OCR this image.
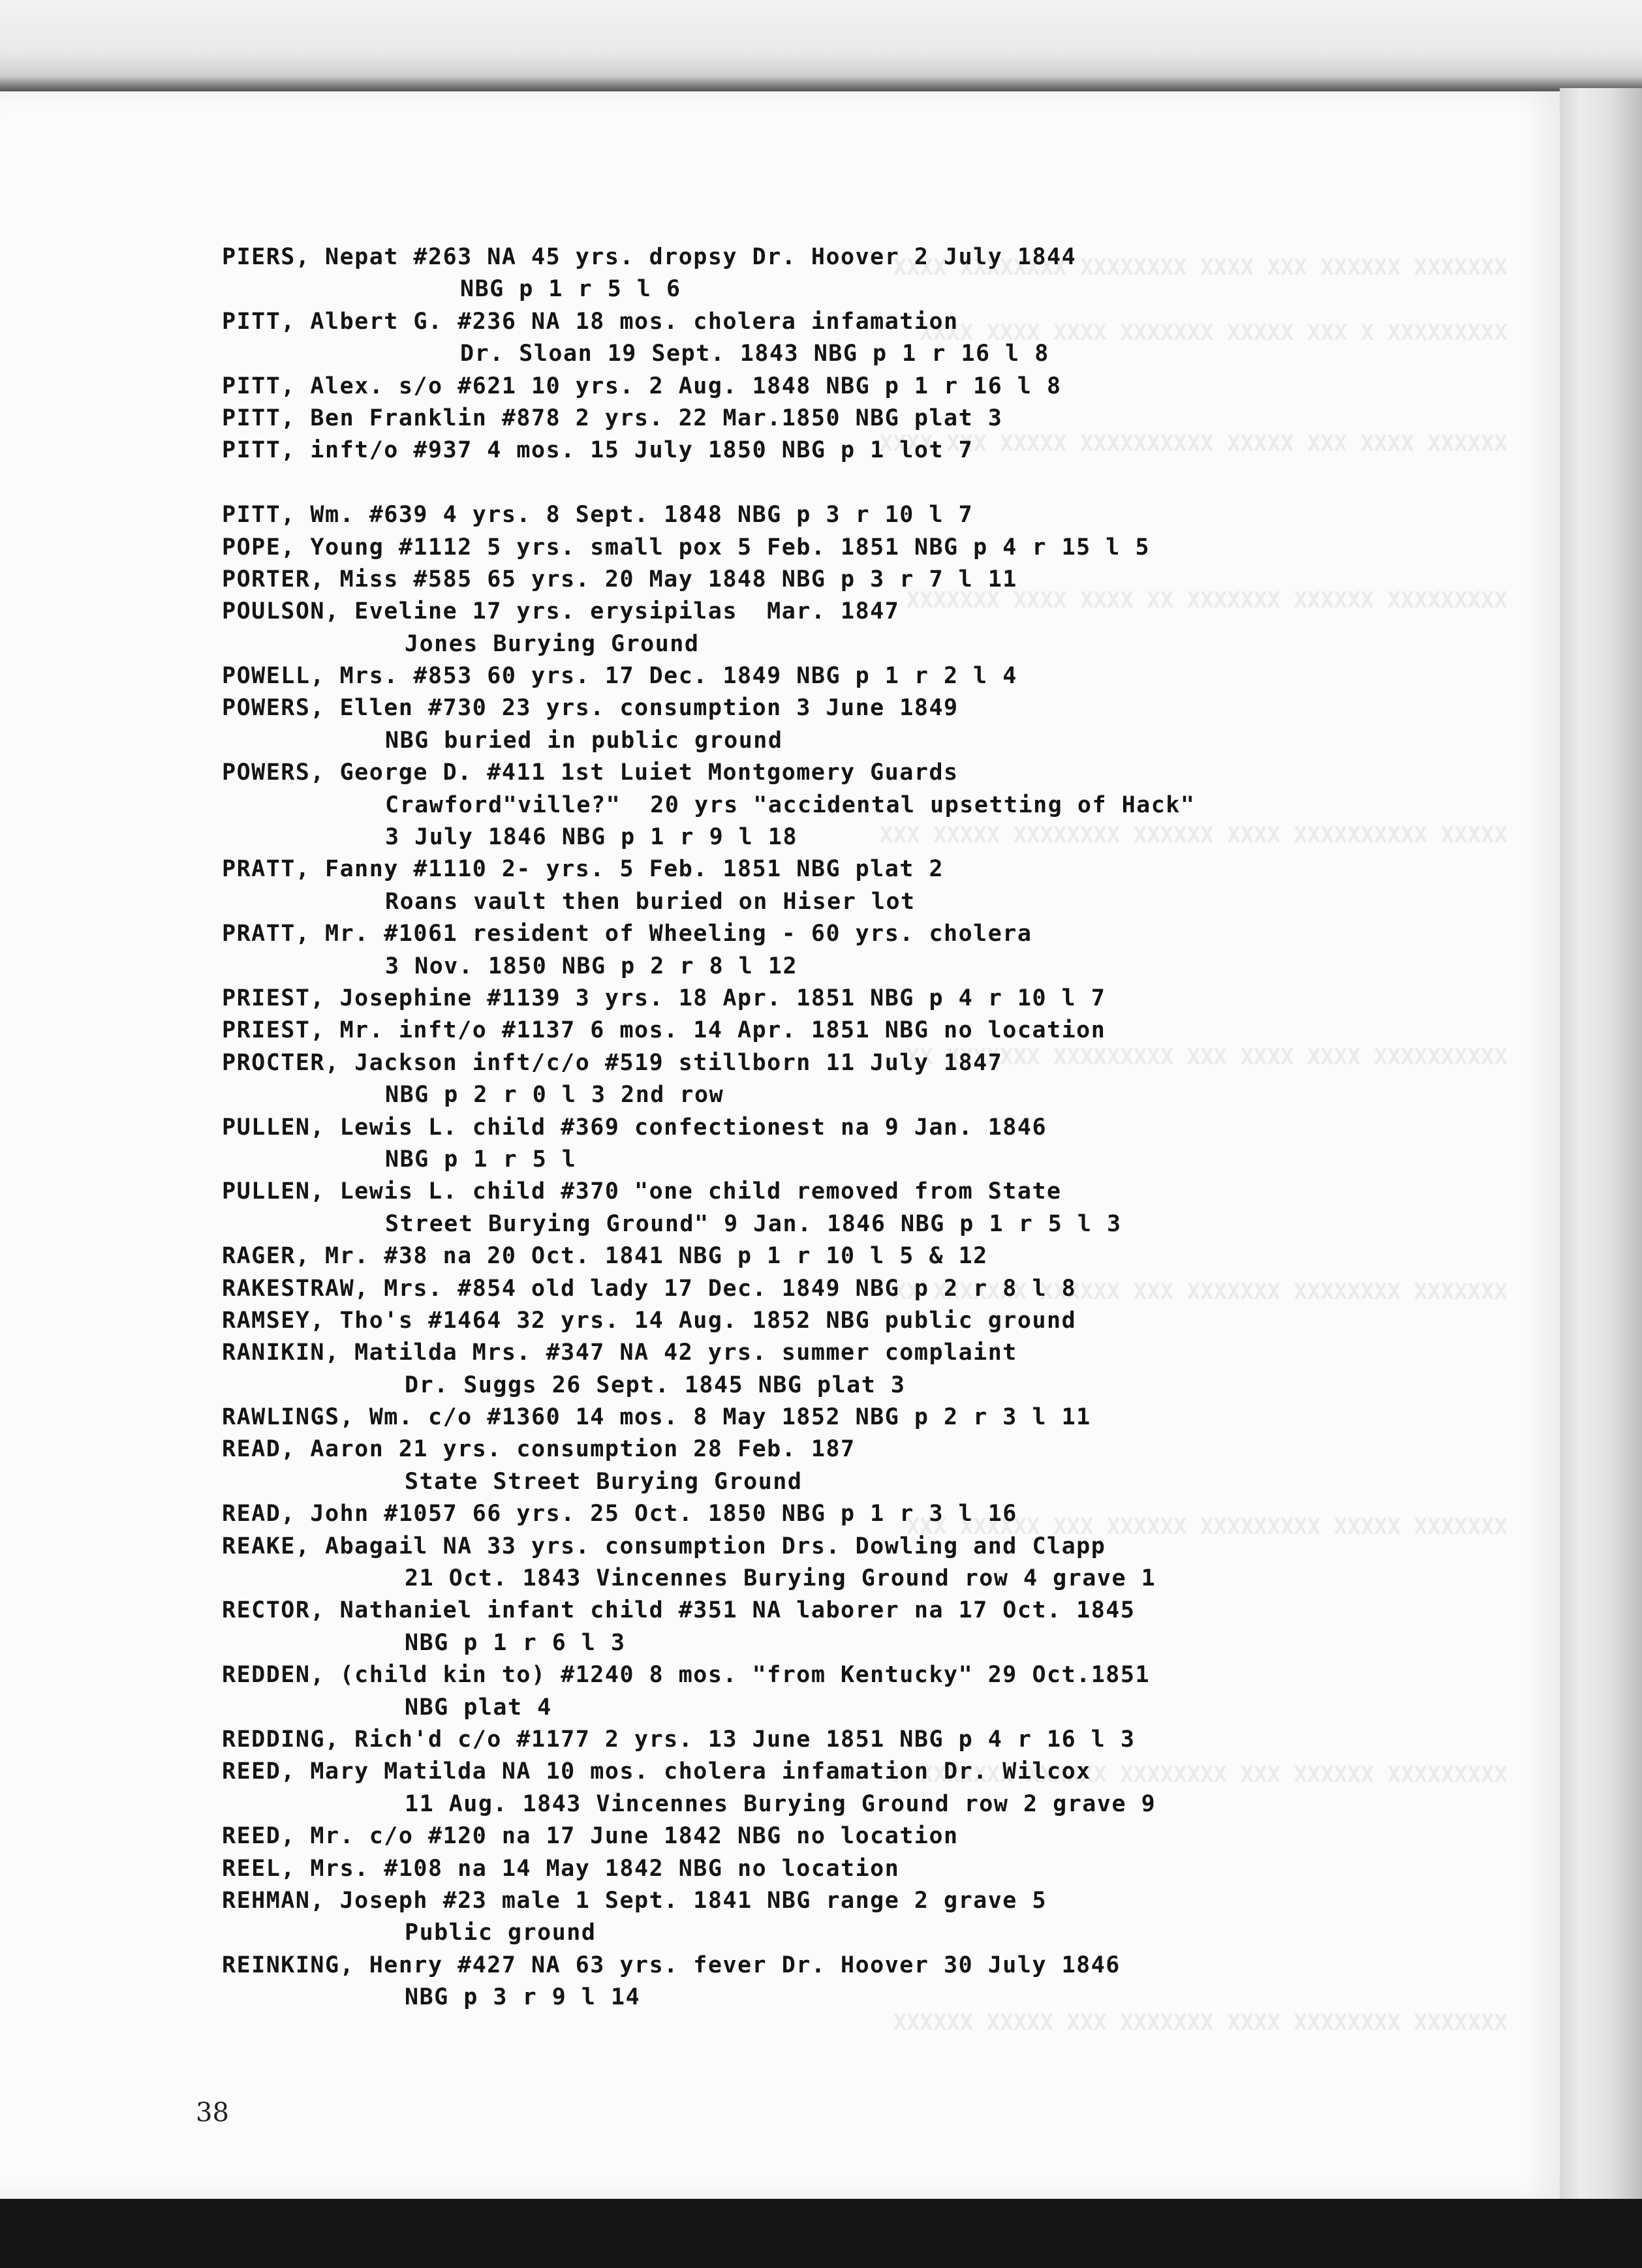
PIERS, Nepat #263 NA 45 yrs. dropsy Dr. Hoover 2 July 1844
NBG p 1 r 5 l 6
PITT, Albert G. #236 NA 18 mos. cholera infamation
Dr. Sloan 19 Sept. 1843 NBG p 1 r 16 l 8
PITT, Alex. s/o #621 10 yrs. 2 Aug. 1848 NBG p 1 r 16 l 8
PITT, Ben Franklin #878 2 yrs. 22 Mar.1850 NBG plat 3
PITT, inft/o #937 4 mos. 15 July 1850 NBG p 1 lot 7
PITT, Wm. #639 4 yrs. 8 Sept. 1848 NBG p 3 r 10 l 7
POPE, Young #1112 5 yrs. small pox 5 Feb. 1851 NBG p 4 r 15 l 5
PORTER, Miss #585 65 yrs. 20 May 1848 NBG p 3 r 7 l 11
POULSON, Eveline 17 yrs. erysipilas  Mar. 1847
Jones Burying Ground
POWELL, Mrs. #853 60 yrs. 17 Dec. 1849 NBG p 1 r 2 l 4
POWERS, Ellen #730 23 yrs. consumption 3 June 1849
NBG buried in public ground
POWERS, George D. #411 1st Luiet Montgomery Guards
Crawford"ville?"  20 yrs "accidental upsetting of Hack"
3 July 1846 NBG p 1 r 9 l 18
PRATT, Fanny #1110 2- yrs. 5 Feb. 1851 NBG plat 2
Roans vault then buried on Hiser lot
PRATT, Mr. #1061 resident of Wheeling - 60 yrs. cholera
3 Nov. 1850 NBG p 2 r 8 l 12
PRIEST, Josephine #1139 3 yrs. 18 Apr. 1851 NBG p 4 r 10 l 7
PRIEST, Mr. inft/o #1137 6 mos. 14 Apr. 1851 NBG no location
PROCTER, Jackson inft/c/o #519 stillborn 11 July 1847
NBG p 2 r 0 l 3 2nd row
PULLEN, Lewis L. child #369 confectionest na 9 Jan. 1846
NBG p 1 r 5 l
PULLEN, Lewis L. child #370 "one child removed from State
Street Burying Ground" 9 Jan. 1846 NBG p 1 r 5 l 3
RAGER, Mr. #38 na 20 Oct. 1841 NBG p 1 r 10 l 5 & 12
RAKESTRAW, Mrs. #854 old lady 17 Dec. 1849 NBG p 2 r 8 l 8
RAMSEY, Tho's #1464 32 yrs. 14 Aug. 1852 NBG public ground
RANIKIN, Matilda Mrs. #347 NA 42 yrs. summer complaint
Dr. Suggs 26 Sept. 1845 NBG plat 3
RAWLINGS, Wm. c/o #1360 14 mos. 8 May 1852 NBG p 2 r 3 l 11
READ, Aaron 21 yrs. consumption 28 Feb. 187
State Street Burying Ground
READ, John #1057 66 yrs. 25 Oct. 1850 NBG p 1 r 3 l 16
REAKE, Abagail NA 33 yrs. consumption Drs. Dowling and Clapp
21 Oct. 1843 Vincennes Burying Ground row 4 grave 1
RECTOR, Nathaniel infant child #351 NA laborer na 17 Oct. 1845
NBG p 1 r 6 l 3
REDDEN, (child kin to) #1240 8 mos. "from Kentucky" 29 Oct.1851
NBG plat 4
REDDING, Rich'd c/o #1177 2 yrs. 13 June 1851 NBG p 4 r 16 l 3
REED, Mary Matilda NA 10 mos. cholera infamation Dr. Wilcox
11 Aug. 1843 Vincennes Burying Ground row 2 grave 9
REED, Mr. c/o #120 na 17 June 1842 NBG no location
REEL, Mrs. #108 na 14 May 1842 NBG no location
REHMAN, Joseph #23 male 1 Sept. 1841 NBG range 2 grave 5
Public ground
REINKING, Henry #427 NA 63 yrs. fever Dr. Hoover 30 July 1846
NBG p 3 r 9 l 14
38
